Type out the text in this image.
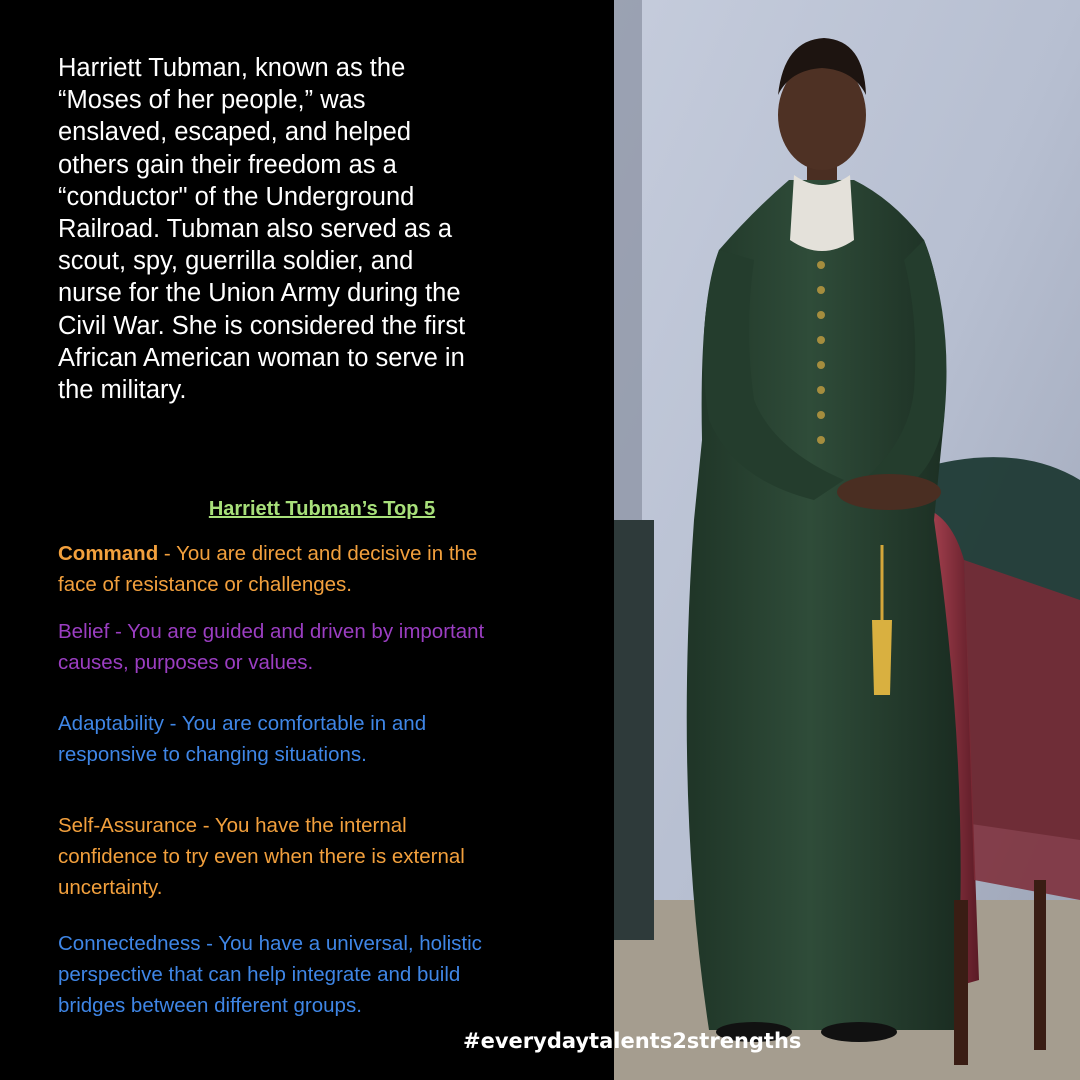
Harriett Tubman, known as the
“Moses of her people,” was
enslaved, escaped, and helped
others gain their freedom as a
“conductor" of the Underground
Railroad. Tubman also served as a
scout, spy, guerrilla soldier, and
nurse for the Union Army during the
Civil War. She is considered the first
African American woman to serve in
the military.

Harriett Tubman’s Top 5

Command - You are direct and decisive in the
face of resistance or challenges.

Belief - You are guided and driven by important
causes, purposes or values.

Adaptability - You are comfortable in and
responsive to changing situations.

Self-Assurance - You have the internal
confidence to try even when there is external
uncertainty.

Connectedness - You have a universal, holistic
perspective that can help integrate and build
bridges between different groups.

#everydaytalents2strengths
